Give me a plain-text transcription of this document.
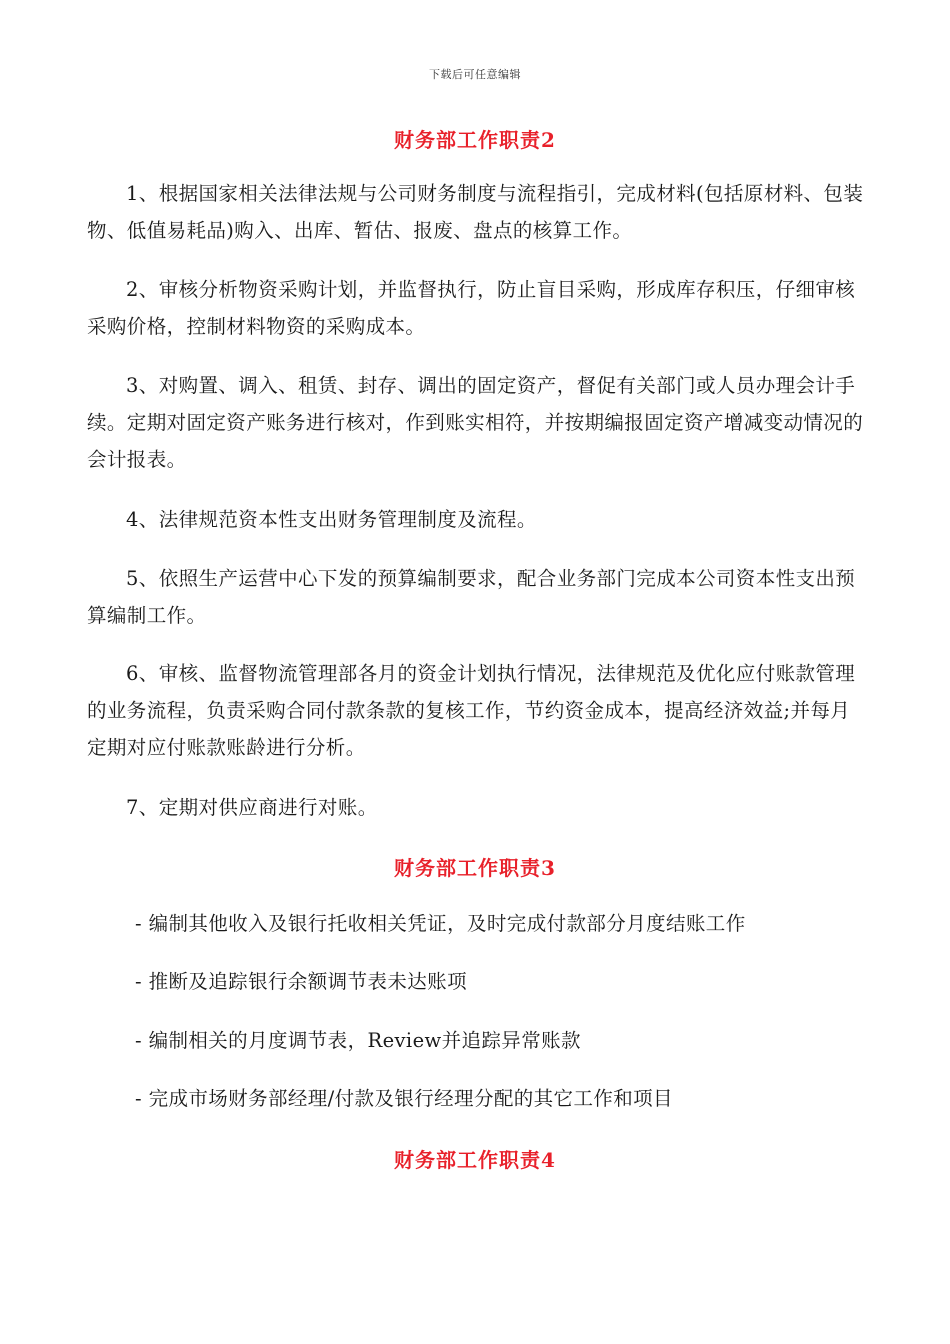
下载后可任意编辑
财务部工作职责2

1、根据国家相关法律法规与公司财务制度与流程指引，完成材料(包括原材料、包装物、低值易耗品)购入、出库、暂估、报废、盘点的核算工作。

2、审核分析物资采购计划，并监督执行，防止盲目采购，形成库存积压，仔细审核采购价格，控制材料物资的采购成本。

3、对购置、调入、租赁、封存、调出的固定资产，督促有关部门或人员办理会计手续。定期对固定资产账务进行核对，作到账实相符，并按期编报固定资产增减变动情况的会计报表。

4、法律规范资本性支出财务管理制度及流程。

5、依照生产运营中心下发的预算编制要求，配合业务部门完成本公司资本性支出预算编制工作。

6、审核、监督物流管理部各月的资金计划执行情况，法律规范及优化应付账款管理的业务流程，负责采购合同付款条款的复核工作，节约资金成本，提高经济效益;并每月定期对应付账款账龄进行分析。

7、定期对供应商进行对账。

财务部工作职责3

- 编制其他收入及银行托收相关凭证，及时完成付款部分月度结账工作

- 推断及追踪银行余额调节表未达账项

- 编制相关的月度调节表，Review并追踪异常账款

- 完成市场财务部经理/付款及银行经理分配的其它工作和项目

财务部工作职责4
